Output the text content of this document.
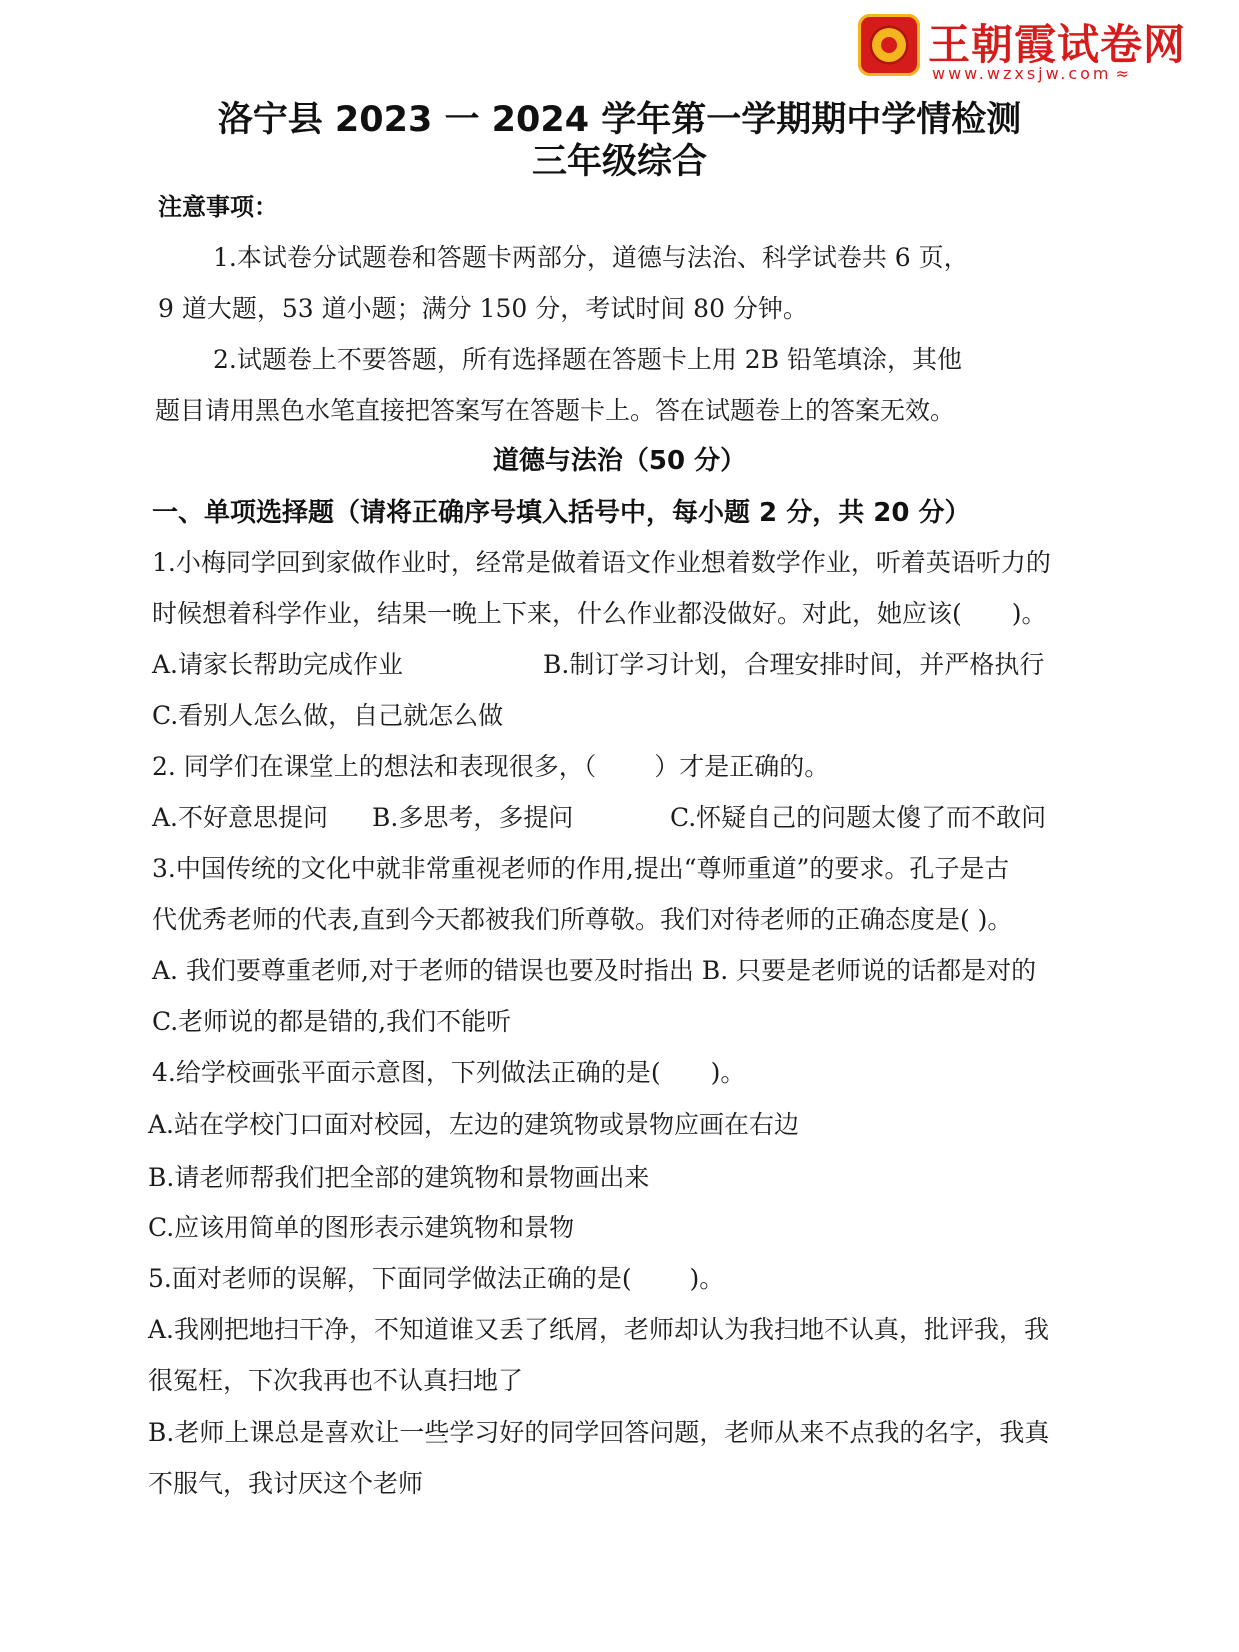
王朝霞试卷网
www.wzxsjw.com ≈
洛宁县 2023 一 2024 学年第一学期期中学情检测
三年级综合
注意事项：
1.本试卷分试题卷和答题卡两部分，道德与法治、科学试卷共 6 页，
9 道大题，53 道小题；满分 150 分，考试时间 80 分钟。
2.试题卷上不要答题，所有选择题在答题卡上用 2B 铅笔填涂，其他
题目请用黑色水笔直接把答案写在答题卡上。答在试题卷上的答案无效。
道德与法治（50 分）
一、单项选择题（请将正确序号填入括号中，每小题 2 分，共 20 分）
1.小梅同学回到家做作业时，经常是做着语文作业想着数学作业，听着英语听力的
时候想着科学作业，结果一晚上下来，什么作业都没做好。对此，她应该(　　)。
A.请家长帮助完成作业	B.制订学习计划，合理安排时间，并严格执行
C.看别人怎么做，自己就怎么做
2. 同学们在课堂上的想法和表现很多，（　　 ）才是正确的。
A.不好意思提问 B.多思考，多提问	C.怀疑自己的问题太傻了而不敢问
3.中国传统的文化中就非常重视老师的作用,提出“尊师重道”的要求。孔子是古
代优秀老师的代表,直到今天都被我们所尊敬。我们对待老师的正确态度是( )。
A. 我们要尊重老师,对于老师的错误也要及时指出 B. 只要是老师说的话都是对的
C.老师说的都是错的,我们不能听
4.给学校画张平面示意图，下列做法正确的是(　　)。
A.站在学校门口面对校园，左边的建筑物或景物应画在右边
B.请老师帮我们把全部的建筑物和景物画出来
C.应该用简单的图形表示建筑物和景物
5.面对老师的误解，下面同学做法正确的是(　　 )。
A.我刚把地扫干净，不知道谁又丢了纸屑，老师却认为我扫地不认真，批评我，我
很冤枉，下次我再也不认真扫地了
B.老师上课总是喜欢让一些学习好的同学回答问题，老师从来不点我的名字，我真
不服气，我讨厌这个老师
